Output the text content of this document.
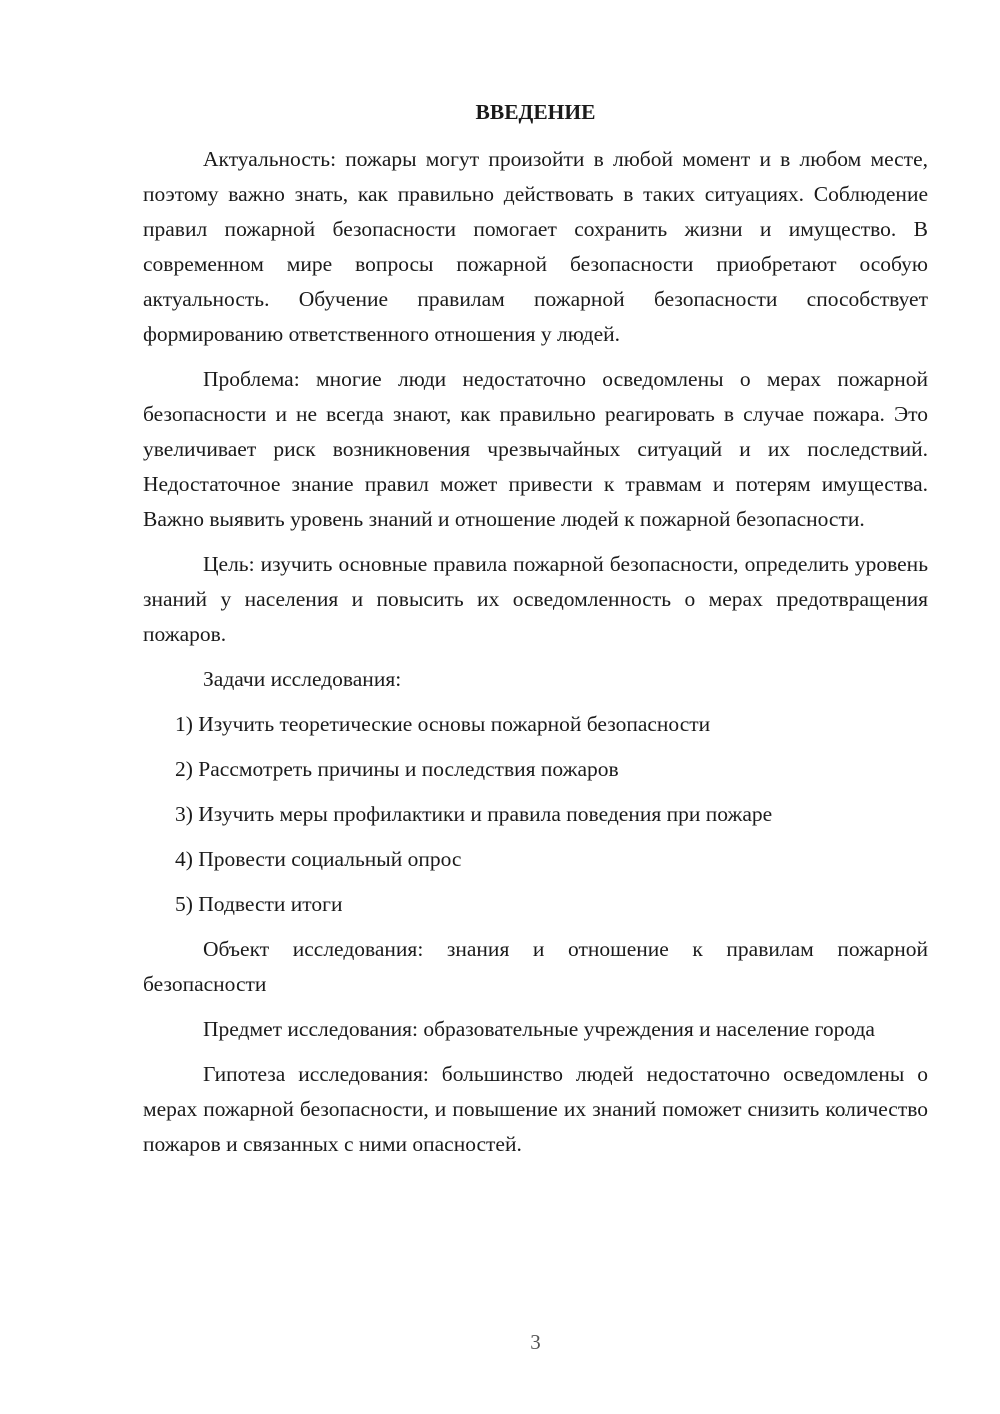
ВВЕДЕНИЕ

Актуальность: пожары могут произойти в любой момент и в любом месте, поэтому важно знать, как правильно действовать в таких ситуациях. Соблюдение правил пожарной безопасности помогает сохранить жизни и имущество. В современном мире вопросы пожарной безопасности приобретают особую актуальность. Обучение правилам пожарной безопасности способствует формированию ответственного отношения у людей.

Проблема: многие люди недостаточно осведомлены о мерах пожарной безопасности и не всегда знают, как правильно реагировать в случае пожара. Это увеличивает риск возникновения чрезвычайных ситуаций и их последствий. Недостаточное знание правил может привести к травмам и потерям имущества. Важно выявить уровень знаний и отношение людей к пожарной безопасности.

Цель: изучить основные правила пожарной безопасности, определить уровень знаний у населения и повысить их осведомленность о мерах предотвращения пожаров.

Задачи исследования:

1) Изучить теоретические основы пожарной безопасности
2) Рассмотреть причины и последствия пожаров
3) Изучить меры профилактики и правила поведения при пожаре
4) Провести социальный опрос
5) Подвести итоги

Объект исследования: знания и отношение к правилам пожарной безопасности

Предмет исследования: образовательные учреждения и население города

Гипотеза исследования: большинство людей недостаточно осведомлены о мерах пожарной безопасности, и повышение их знаний поможет снизить количество пожаров и связанных с ними опасностей.

3
